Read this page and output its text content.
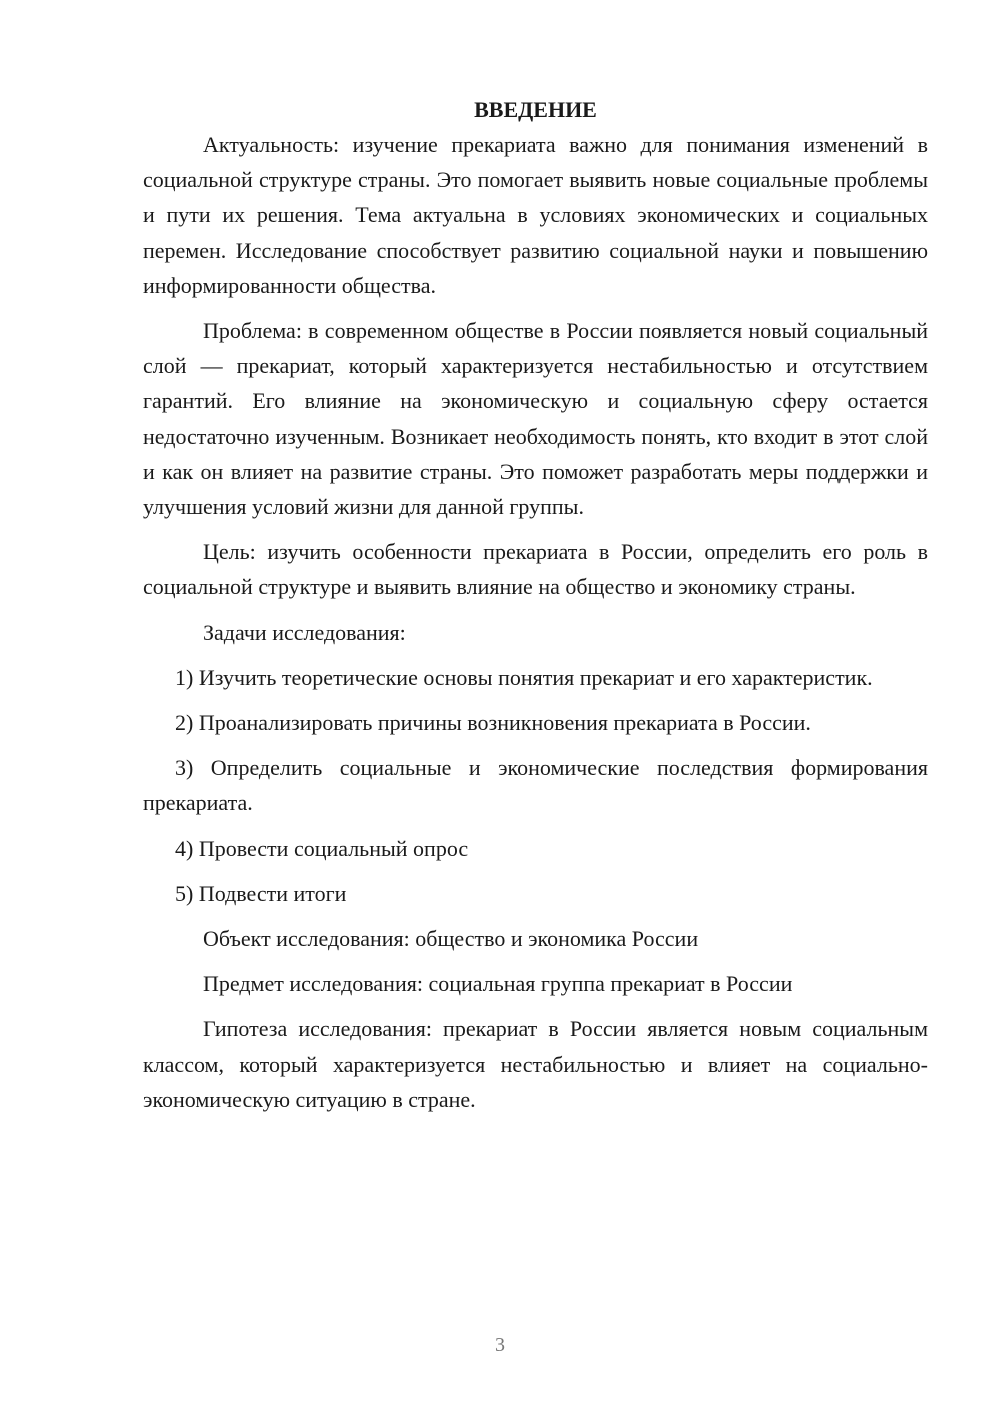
ВВЕДЕНИЕ

Актуальность: изучение прекариата важно для понимания изменений в социальной структуре страны. Это помогает выявить новые социальные проблемы и пути их решения. Тема актуальна в условиях экономических и социальных перемен. Исследование способствует развитию социальной науки и повышению информированности общества.

Проблема: в современном обществе в России появляется новый социальный слой — прекариат, который характеризуется нестабильностью и отсутствием гарантий. Его влияние на экономическую и социальную сферу остается недостаточно изученным. Возникает необходимость понять, кто входит в этот слой и как он влияет на развитие страны. Это поможет разработать меры поддержки и улучшения условий жизни для данной группы.

Цель: изучить особенности прекариата в России, определить его роль в социальной структуре и выявить влияние на общество и экономику страны.

Задачи исследования:

1) Изучить теоретические основы понятия прекариат и его характеристик.

2) Проанализировать причины возникновения прекариата в России.

3) Определить социальные и экономические последствия формирования прекариата.

4) Провести социальный опрос

5) Подвести итоги

Объект исследования: общество и экономика России

Предмет исследования: социальная группа прекариат в России

Гипотеза исследования: прекариат в России является новым социальным классом, который характеризуется нестабильностью и влияет на социально-экономическую ситуацию в стране.

3
